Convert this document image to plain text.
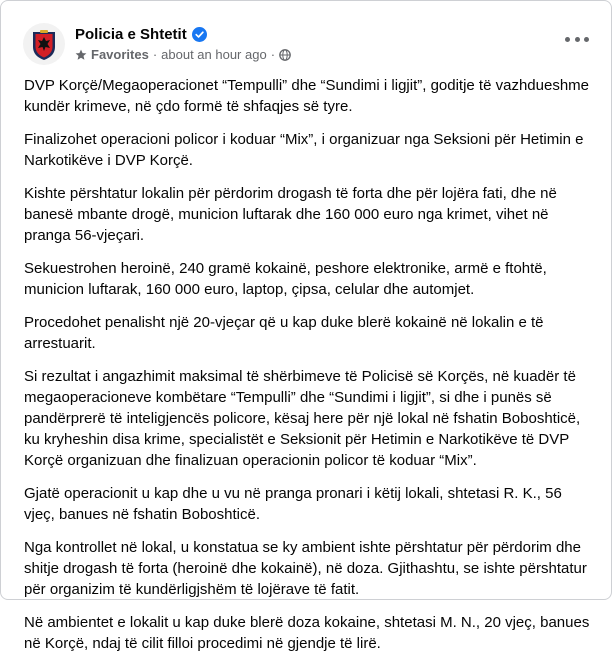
Policia e Shtetit
Favorites · about an hour ago ·

DVP Korçë/Megaoperacionet “Tempulli” dhe “Sundimi i ligjit”, goditje të vazhdueshme kundër krimeve, në çdo formë të shfaqjes së tyre.

Finalizohet operacioni policor i koduar “Mix”, i organizuar nga Seksioni për Hetimin e Narkotikëve i DVP Korçë.

Kishte përshtatur lokalin për përdorim drogash të forta dhe për lojëra fati, dhe në banesë mbante drogë, municion luftarak dhe 160 000 euro nga krimet, vihet në pranga 56-vjeçari.

Sekuestrohen heroinë, 240 gramë kokainë, peshore elektronike, armë e ftohtë, municion luftarak, 160 000 euro, laptop, çipsa, celular dhe automjet.

Procedohet penalisht një 20-vjeçar që u kap duke blerë kokainë në lokalin e të arrestuarit.

Si rezultat i angazhimit maksimal të shërbimeve të Policisë së Korçës, në kuadër të megaoperacioneve kombëtare “Tempulli” dhe “Sundimi i ligjit”, si dhe i punës së pandërprerë të inteligjencës policore, kësaj here për një lokal në fshatin Boboshticë, ku kryheshin disa krime, specialistët e Seksionit për Hetimin e Narkotikëve të DVP Korçë organizuan dhe finalizuan operacionin policor të koduar “Mix”.

Gjatë operacionit u kap dhe u vu në pranga pronari i këtij lokali, shtetasi R. K., 56 vjeç, banues në fshatin Boboshticë.

Nga kontrollet në lokal, u konstatua se ky ambient ishte përshtatur për përdorim dhe shitje drogash të forta (heroinë dhe kokainë), në doza. Gjithashtu, se ishte përshtatur për organizim të kundërligjshëm të lojërave të fatit.

Në ambientet e lokalit u kap duke blerë doza kokaine, shtetasi M. N., 20 vjeç, banues në Korçë, ndaj të cilit filloi procedimi në gjendje të lirë.
